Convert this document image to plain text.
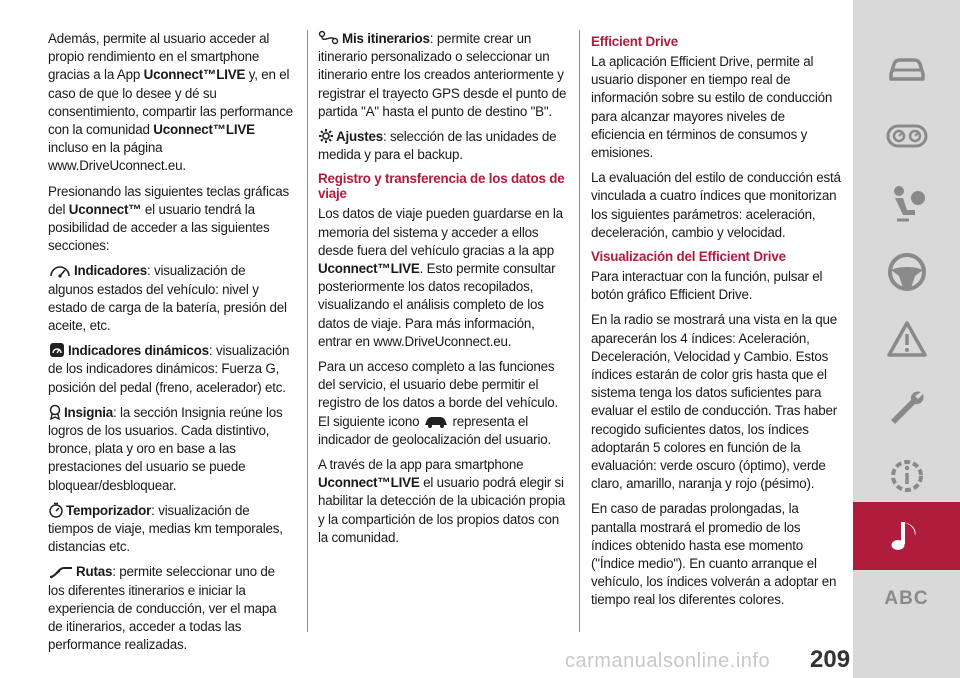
Además, permite al usuario acceder al propio rendimiento en el smartphone gracias a la App Uconnect™LIVE y, en el caso de que lo desee y dé su consentimiento, compartir las performance con la comunidad Uconnect™LIVE incluso en la página www.DriveUconnect.eu.

Presionando las siguientes teclas gráficas del Uconnect™ el usuario tendrá la posibilidad de acceder a las siguientes secciones:

Indicadores: visualización de algunos estados del vehículo: nivel y estado de carga de la batería, presión del aceite, etc.

Indicadores dinámicos: visualización de los indicadores dinámicos: Fuerza G, posición del pedal (freno, acelerador) etc.

Insignia: la sección Insignia reúne los logros de los usuarios. Cada distintivo, bronce, plata y oro en base a las prestaciones del usuario se puede bloquear/desbloquear.

Temporizador: visualización de tiempos de viaje, medias km temporales, distancias etc.

Rutas: permite seleccionar uno de los diferentes itinerarios e iniciar la experiencia de conducción, ver el mapa de itinerarios, acceder a todas las performance realizadas.

Mis itinerarios: permite crear un itinerario personalizado o seleccionar un itinerario entre los creados anteriormente y registrar el trayecto GPS desde el punto de partida "A" hasta el punto de destino "B".

Ajustes: selección de las unidades de medida y para el backup.

Registro y transferencia de los datos de viaje

Los datos de viaje pueden guardarse en la memoria del sistema y acceder a ellos desde fuera del vehículo gracias a la app Uconnect™LIVE. Esto permite consultar posteriormente los datos recopilados, visualizando el análisis completo de los datos de viaje. Para más información, entrar en www.DriveUconnect.eu.

Para un acceso completo a las funciones del servicio, el usuario debe permitir el registro de los datos a borde del vehículo. El siguiente icono representa el indicador de geolocalización del usuario.

A través de la app para smartphone Uconnect™LIVE el usuario podrá elegir si habilitar la detección de la ubicación propia y la compartición de los propios datos con la comunidad.

Efficient Drive

La aplicación Efficient Drive, permite al usuario disponer en tiempo real de información sobre su estilo de conducción para alcanzar mayores niveles de eficiencia en términos de consumos y emisiones.

La evaluación del estilo de conducción está vinculada a cuatro índices que monitorizan los siguientes parámetros: aceleración, deceleración, cambio y velocidad.

Visualización del Efficient Drive

Para interactuar con la función, pulsar el botón gráfico Efficient Drive.

En la radio se mostrará una vista en la que aparecerán los 4 índices: Aceleración, Deceleración, Velocidad y Cambio. Estos índices estarán de color gris hasta que el sistema tenga los datos suficientes para evaluar el estilo de conducción. Tras haber recogido suficientes datos, los índices adoptarán 5 colores en función de la evaluación: verde oscuro (óptimo), verde claro, amarillo, naranja y rojo (pésimo).

En caso de paradas prolongadas, la pantalla mostrará el promedio de los índices obtenido hasta ese momento ("Índice medio"). En cuanto arranque el vehículo, los índices volverán a adoptar en tiempo real los diferentes colores.	ABC
carmanualsonline.info 209
